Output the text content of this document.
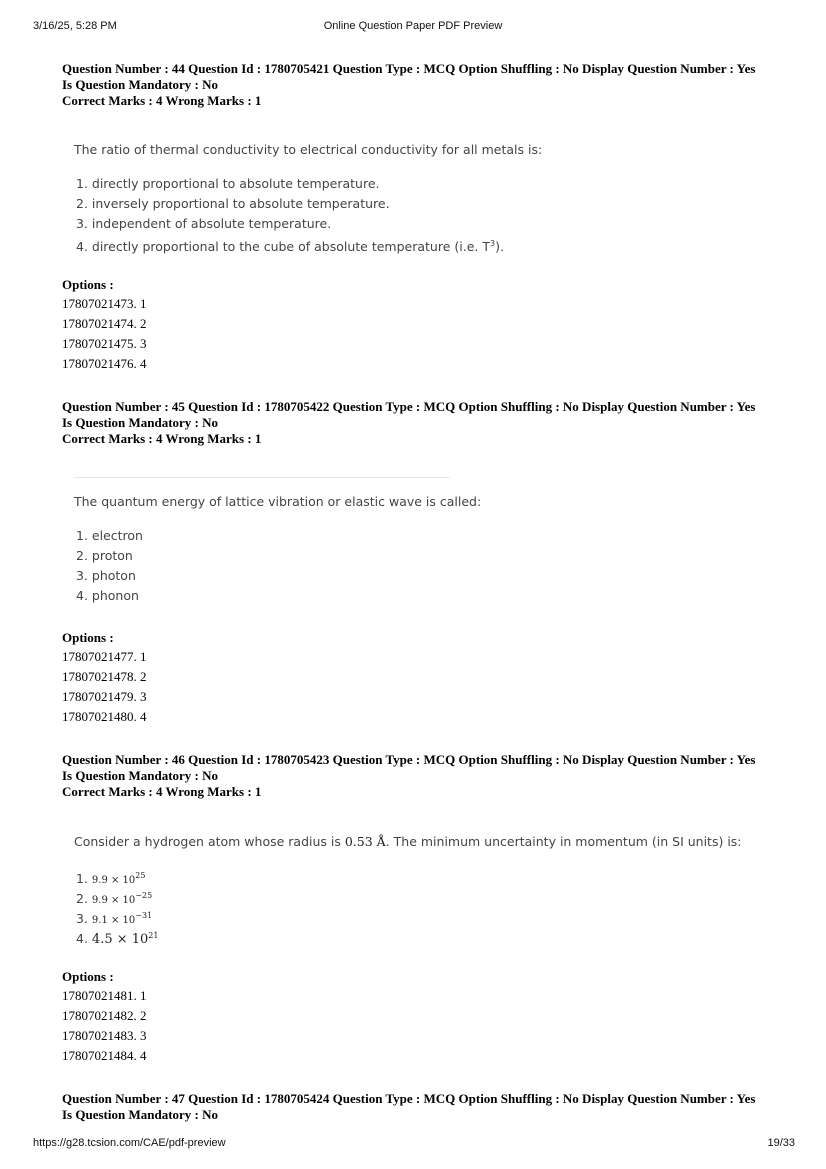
3/16/25, 5:28 PM	Online Question Paper PDF Preview
Question Number : 44 Question Id : 1780705421 Question Type : MCQ Option Shuffling : No Display Question Number : Yes
Is Question Mandatory : No
Correct Marks : 4 Wrong Marks : 1
The ratio of thermal conductivity to electrical conductivity for all metals is:
1. directly proportional to absolute temperature.
2. inversely proportional to absolute temperature.
3. independent of absolute temperature.
4. directly proportional to the cube of absolute temperature (i.e. $T^3$).
Options :
17807021473. 1
17807021474. 2
17807021475. 3
17807021476. 4
Question Number : 45 Question Id : 1780705422 Question Type : MCQ Option Shuffling : No Display Question Number : Yes
Is Question Mandatory : No
Correct Marks : 4 Wrong Marks : 1
The quantum energy of lattice vibration or elastic wave is called:
1. electron
2. proton
3. photon
4. phonon
Options :
17807021477. 1
17807021478. 2
17807021479. 3
17807021480. 4
Question Number : 46 Question Id : 1780705423 Question Type : MCQ Option Shuffling : No Display Question Number : Yes
Is Question Mandatory : No
Correct Marks : 4 Wrong Marks : 1
Consider a hydrogen atom whose radius is 0.53 Å. The minimum uncertainty in momentum (in SI units) is:
1. $9.9 \times 10^{25}$
2. $9.9 \times 10^{-25}$
3. $9.1 \times 10^{-31}$
4. $4.5 \times 10^{21}$
Options :
17807021481. 1
17807021482. 2
17807021483. 3
17807021484. 4
Question Number : 47 Question Id : 1780705424 Question Type : MCQ Option Shuffling : No Display Question Number : Yes
Is Question Mandatory : No
https://g28.tcsion.com/CAE/pdf-preview	19/33
